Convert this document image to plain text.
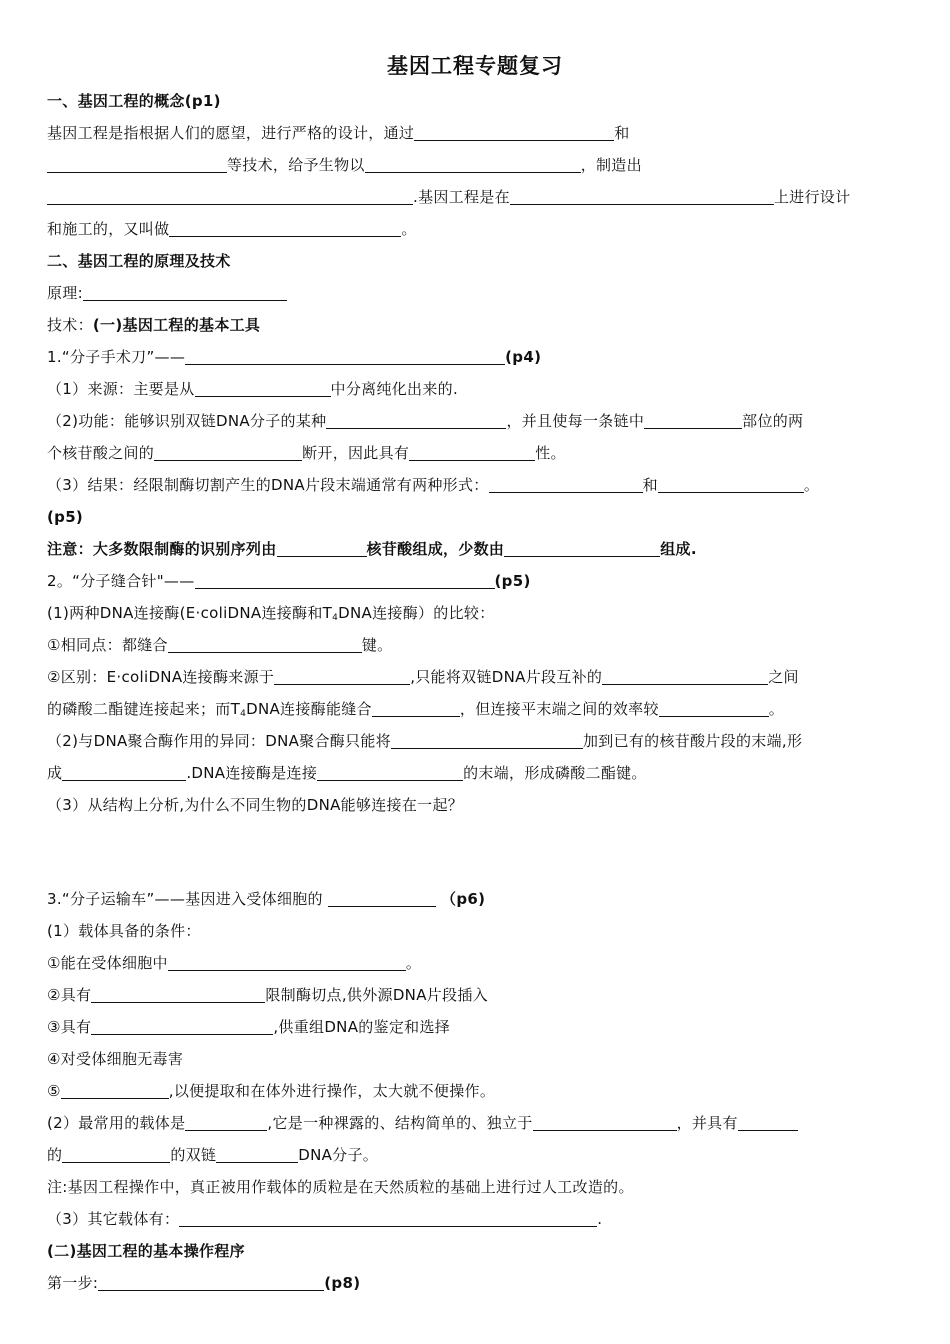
基因工程专题复习
一、基因工程的概念(p1)
基因工程是指根据人们的愿望，进行严格的设计，通过	和
等技术，给予生物以	，制造出
.基因工程是在	上进行设计
和施工的，又叫做	。
二、基因工程的原理及技术
原理:
技术：(一)基因工程的基本工具
1.“分子手术刀”——	(p4)
（1）来源：主要是从	中分离纯化出来的.
（2)功能：能够识别双链DNA分子的某种	，并且使每一条链中	部位的两
个核苷酸之间的	断开，因此具有	性。
（3）结果：经限制酶切割产生的DNA片段末端通常有两种形式：	和	。
(p5)
注意：大多数限制酶的识别序列由	核苷酸组成，少数由	组成.
2。“分子缝合针"——	(p5)
(1)两种DNA连接酶(E·coliDNA连接酶和$T_4DNA$连接酶）的比较：
①相同点：都缝合	键。
②区别：E·coliDNA连接酶来源于	,只能将双链DNA片段互补的	之间
的磷酸二酯键连接起来；而$T_4DNA$连接酶能缝合	，但连接平末端之间的效率较	。
（2)与DNA聚合酶作用的异同：DNA聚合酶只能将	加到已有的核苷酸片段的末端,形
成	.DNA连接酶是连接	的末端，形成磷酸二酯键。
（3）从结构上分析,为什么不同生物的DNA能够连接在一起？
3.“分子运输车”——基因进入受体细胞的	（p6)
(1）载体具备的条件：
①能在受体细胞中	。
②具有	限制酶切点,供外源DNA片段插入
③具有	,供重组DNA的鉴定和选择
④对受体细胞无毒害
⑤	,以便提取和在体外进行操作，太大就不便操作。
(2）最常用的载体是	,它是一种裸露的、结构简单的、独立于	，并具有
的	的双链	DNA分子。
注:基因工程操作中，真正被用作载体的质粒是在天然质粒的基础上进行过人工改造的。
（3）其它载体有：	.
(二)基因工程的基本操作程序
第一步:	(p8)
